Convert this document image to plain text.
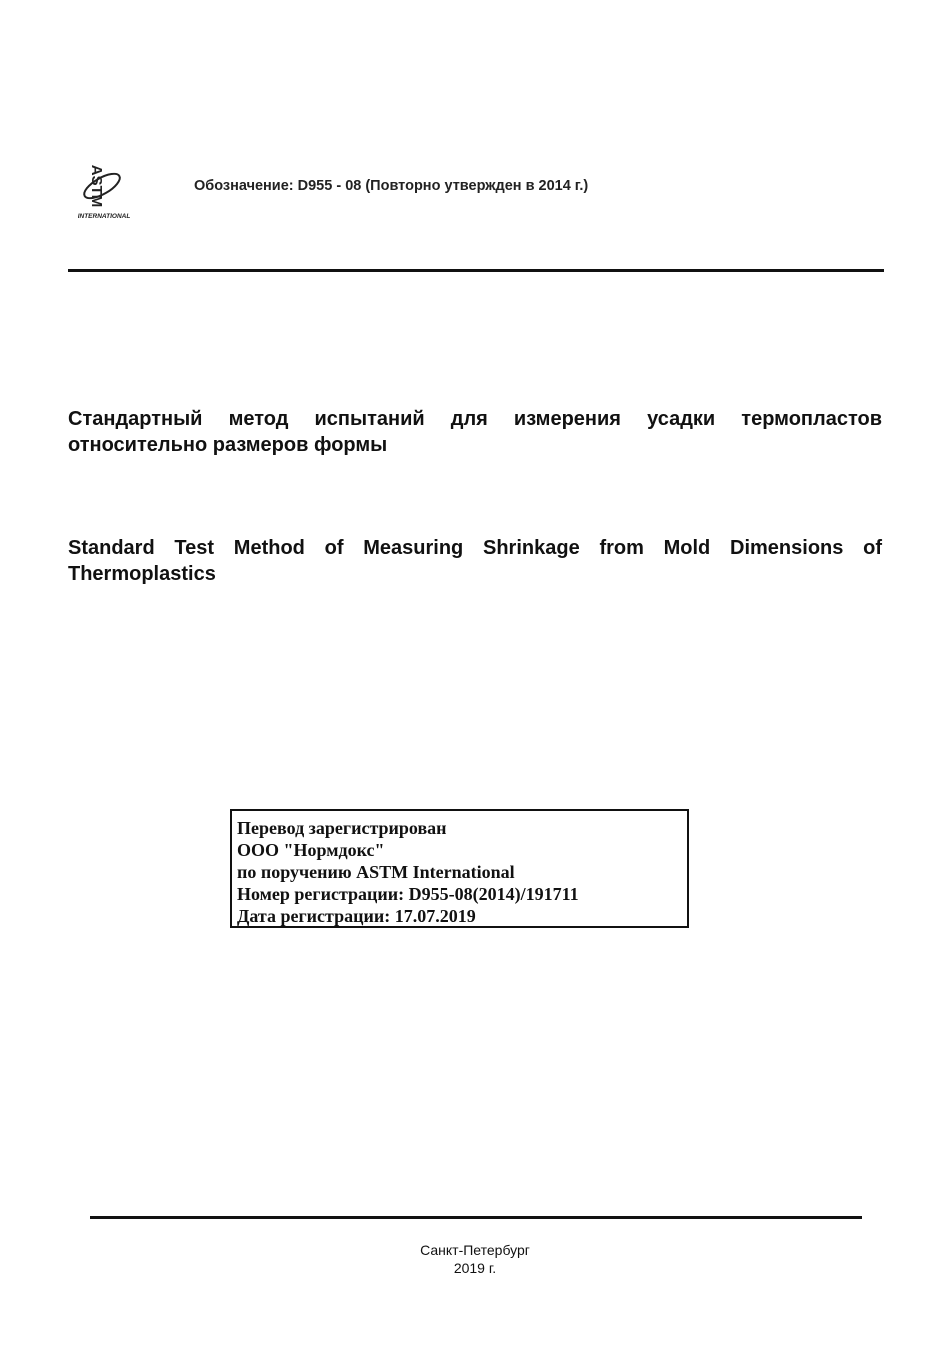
ASTM
INTERNATIONAL
Обозначение: D955 - 08 (Повторно утвержден в 2014 г.)
Стандартный метод испытаний для измерения усадки термопластов относительно размеров формы
Standard Test Method of Measuring Shrinkage from Mold Dimensions of Thermoplastics
Перевод зарегистрирован
ООО "Нормдокс"
по поручению ASTM International
Номер регистрации: D955-08(2014)/191711
Дата регистрации: 17.07.2019
Санкт-Петербург
2019 г.
